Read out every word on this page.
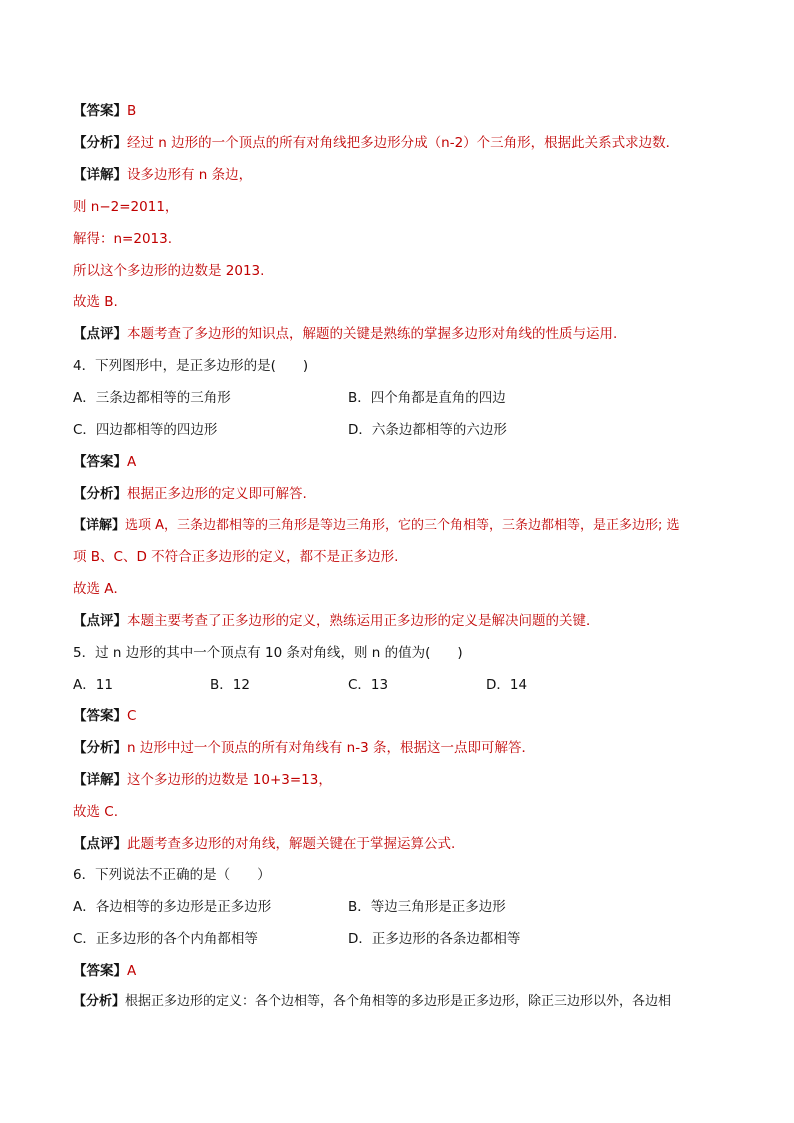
【答案】B
【分析】经过 n 边形的一个顶点的所有对角线把多边形分成（n-2）个三角形，根据此关系式求边数．
【详解】设多边形有 n 条边，
则 n−2=2011，
解得：n=2013.
所以这个多边形的边数是 2013.
故选 B.
【点评】本题考查了多边形的知识点，解题的关键是熟练的掌握多边形对角线的性质与运用.
4．下列图形中，是正多边形的是(　　)
A．三条边都相等的三角形	B．四个角都是直角的四边
C．四边都相等的四边形	D．六条边都相等的六边形
【答案】A
【分析】根据正多边形的定义即可解答.
【详解】选项 A，三条边都相等的三角形是等边三角形，它的三个角相等，三条边都相等，是正多边形; 选
项 B、C、D 不符合正多边形的定义，都不是正多边形.
故选 A．
【点评】本题主要考查了正多边形的定义，熟练运用正多边形的定义是解决问题的关键．
5．过 n 边形的其中一个顶点有 10 条对角线，则 n 的值为(　　)
A．11	B．12	C．13	D．14
【答案】C
【分析】n 边形中过一个顶点的所有对角线有 n-3 条，根据这一点即可解答．
【详解】这个多边形的边数是 10+3=13，
故选 C.
【点评】此题考查多边形的对角线，解题关键在于掌握运算公式.
6．下列说法不正确的是（　　）
A．各边相等的多边形是正多边形	B．等边三角形是正多边形
C．正多边形的各个内角都相等	D．正多边形的各条边都相等
【答案】A
【分析】根据正多边形的定义：各个边相等，各个角相等的多边形是正多边形，除正三边形以外，各边相
